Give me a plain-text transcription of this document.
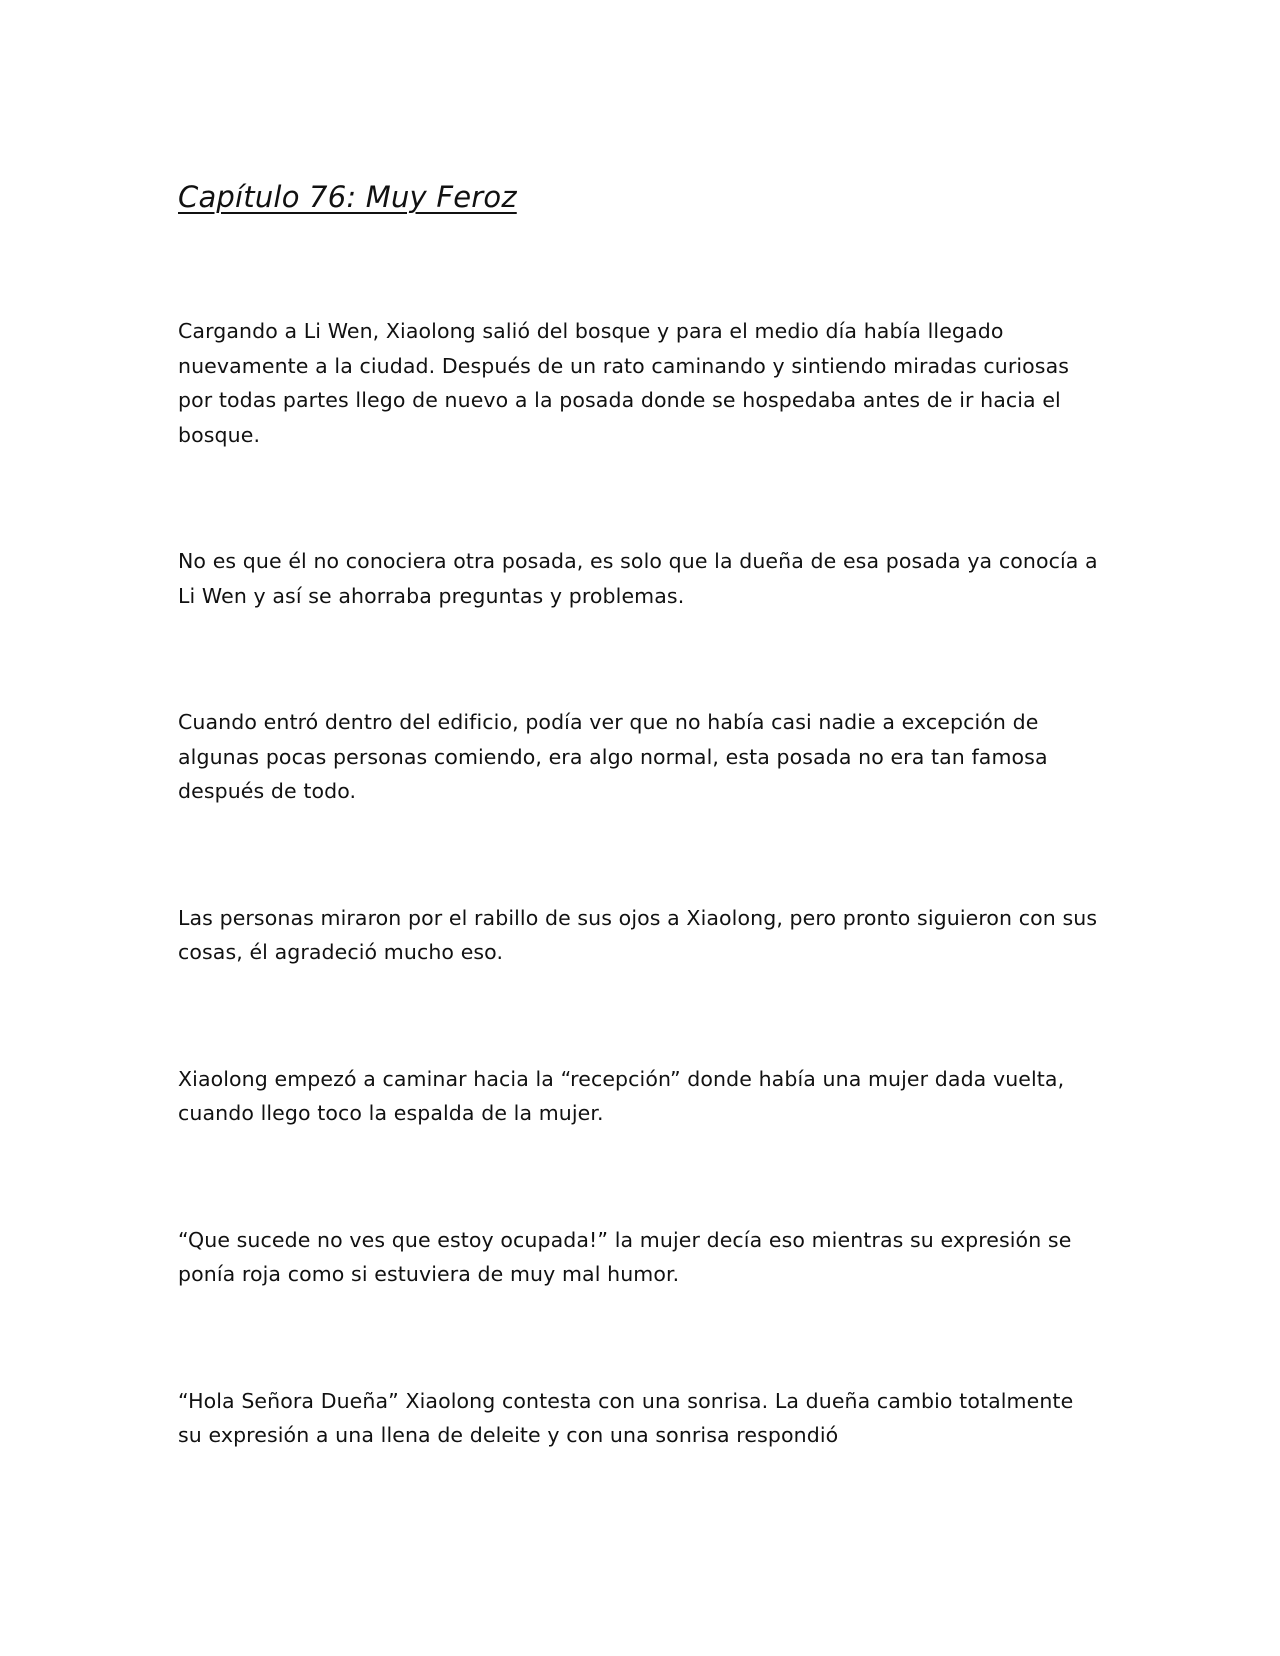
Capítulo 76: Muy Feroz

Cargando a Li Wen, Xiaolong salió del bosque y para el medio día había llegado nuevamente a la ciudad. Después de un rato caminando y sintiendo miradas curiosas por todas partes llego de nuevo a la posada donde se hospedaba antes de ir hacia el bosque.

No es que él no conociera otra posada, es solo que la dueña de esa posada ya conocía a Li Wen y así se ahorraba preguntas y problemas.

Cuando entró dentro del edificio, podía ver que no había casi nadie a excepción de algunas pocas personas comiendo, era algo normal, esta posada no era tan famosa después de todo.

Las personas miraron por el rabillo de sus ojos a Xiaolong, pero pronto siguieron con sus cosas, él agradeció mucho eso.

Xiaolong empezó a caminar hacia la “recepción” donde había una mujer dada vuelta, cuando llego toco la espalda de la mujer.

“Que sucede no ves que estoy ocupada!” la mujer decía eso mientras su expresión se ponía roja como si estuviera de muy mal humor.

“Hola Señora Dueña” Xiaolong contesta con una sonrisa. La dueña cambio totalmente su expresión a una llena de deleite y con una sonrisa respondió
